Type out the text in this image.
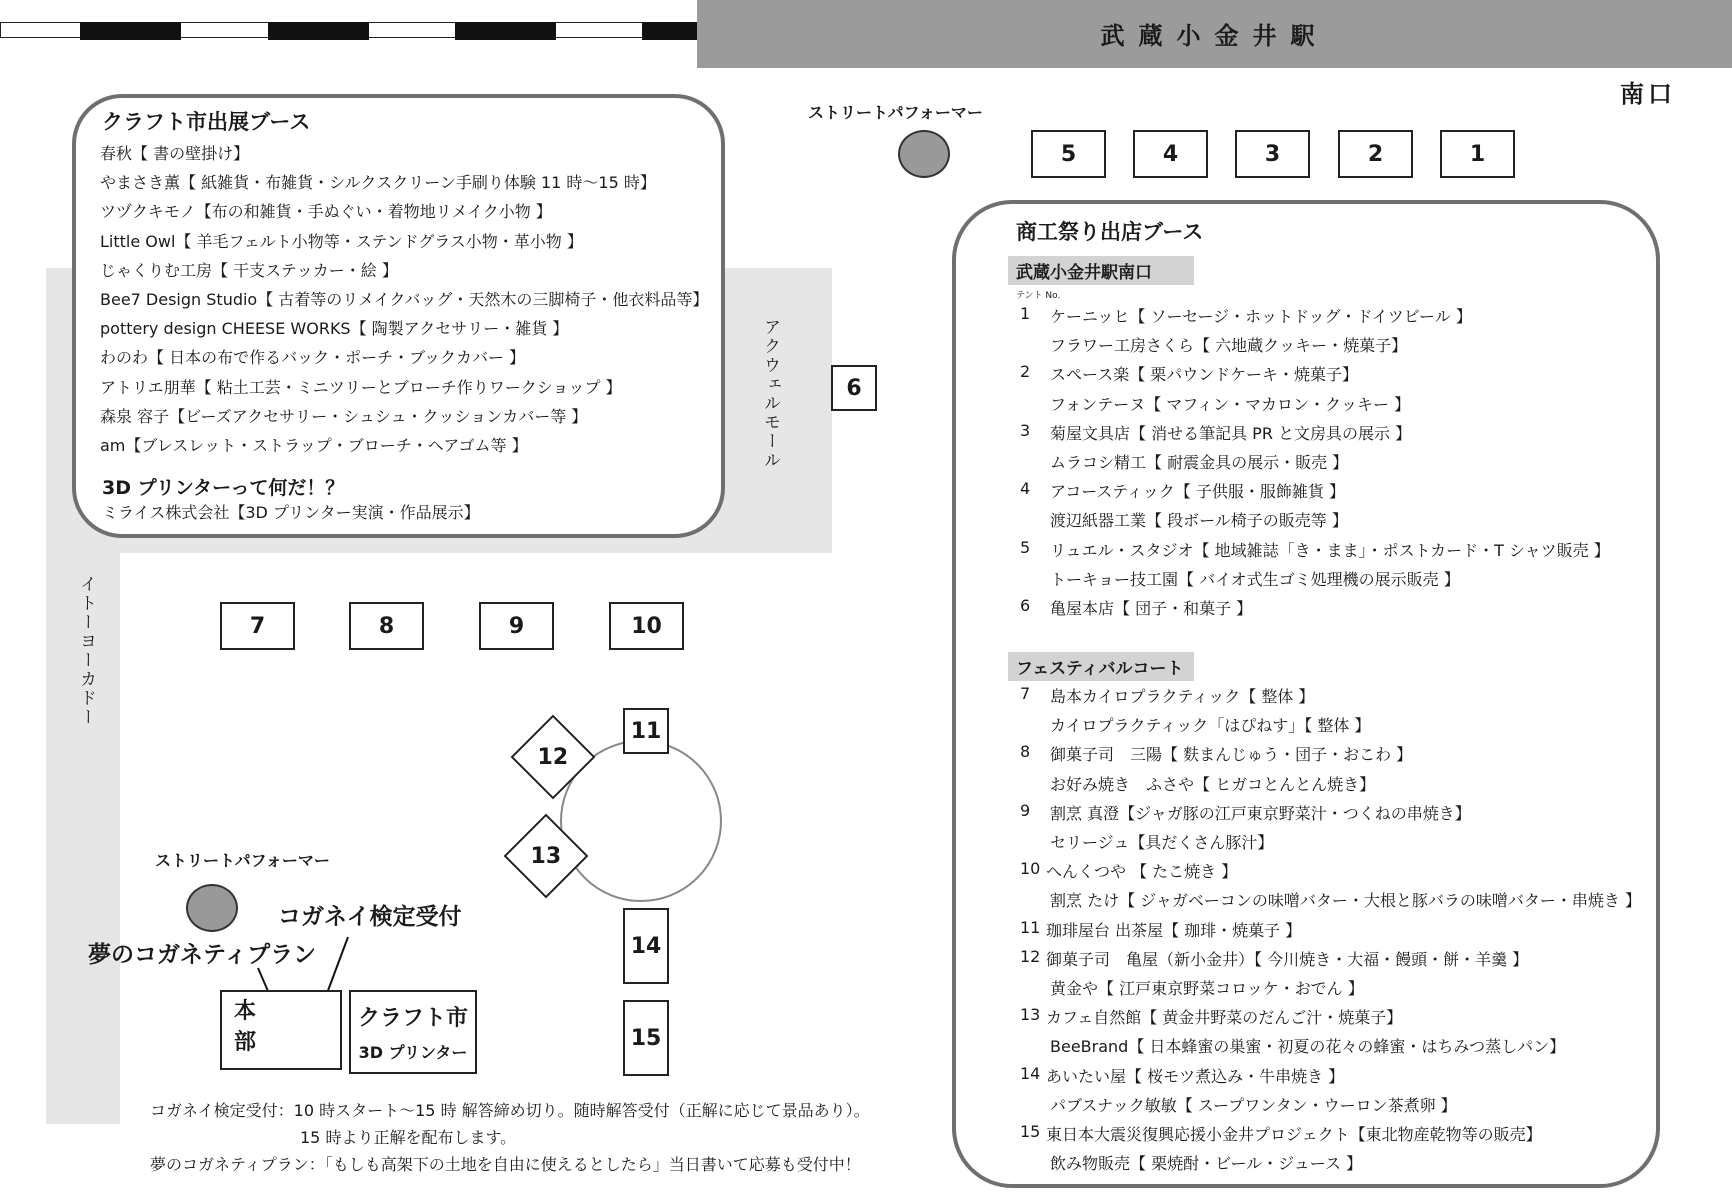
武蔵小金井駅
南口
アクウェルモール
イトーヨーカドー
クラフト市出展ブース
春秋【 書の壁掛け】
やまさき薫【 紙雑貨・布雑貨・シルクスクリーン手刷り体験 11 時～15 時】
ツヅクキモノ【布の和雑貨・手ぬぐい・着物地リメイク小物 】
Little Owl【 羊毛フェルト小物等・ステンドグラス小物・革小物 】
じゃくりむ工房【 干支ステッカー・絵 】
Bee7 Design Studio【 古着等のリメイクバッグ・天然木の三脚椅子・他衣料品等】
pottery design CHEESE WORKS【 陶製アクセサリー・雑貨 】
わのわ【 日本の布で作るバック・ポーチ・ブックカバー 】
アトリエ朋華【 粘土工芸・ミニツリーとブローチ作りワークショップ 】
森泉 容子【ビーズアクセサリー・シュシュ・クッションカバー等 】
am【ブレスレット・ストラップ・ブローチ・ヘアゴム等 】
3D プリンターって何だ！？
ミライス株式会社【3D プリンター実演・作品展示】
ストリートパフォーマー
5	4	3	2	1
6
7	8	9	10
11
12
13
14
15
ストリートパフォーマー
コガネイ検定受付
夢のコガネティプラン
本
部
クラフト市
3D プリンター
コガネイ検定受付：10 時スタート～15 時 解答締め切り。随時解答受付（正解に応じて景品あり）。
15 時より正解を配布します。
夢のコガネティプラン：「もしも高架下の土地を自由に使えるとしたら」当日書いて応募も受付中！
商工祭り出店ブース
武蔵小金井駅南口
テント No.
1 ケーニッヒ【 ソーセージ・ホットドッグ・ドイツビール 】
フラワー工房さくら【 六地蔵クッキー・焼菓子】
2 スペース楽【 栗パウンドケーキ・焼菓子】
フォンテーヌ【 マフィン・マカロン・クッキー 】
3 菊屋文具店【 消せる筆記具 PR と文房具の展示 】
ムラコシ精工【 耐震金具の展示・販売 】
4 アコースティック【 子供服・服飾雑貨 】
渡辺紙器工業【 段ボール椅子の販売等 】
5 リュエル・スタジオ【 地域雑誌「き・まま」・ポストカード・T シャツ販売 】
トーキョー技工園【 バイオ式生ゴミ処理機の展示販売 】
6 亀屋本店【 団子・和菓子 】
フェスティバルコート
7 島本カイロプラクティック【 整体 】
カイロプラクティック「はぴねす」【 整体 】
8 御菓子司　三陽【 麩まんじゅう・団子・おこわ 】
お好み焼き　ふさや【 ヒガコとんとん焼き】
9 割烹 真澄【ジャガ豚の江戸東京野菜汁・つくねの串焼き】
セリージュ【具だくさん豚汁】
10 へんくつや 【 たこ焼き 】
割烹 たけ【 ジャガベーコンの味噌バター・大根と豚バラの味噌バター・串焼き 】
11 珈琲屋台 出茶屋【 珈琲・焼菓子 】
12 御菓子司　亀屋（新小金井）【 今川焼き・大福・饅頭・餅・羊羹 】
黄金や【 江戸東京野菜コロッケ・おでん 】
13 カフェ自然館【 黄金井野菜のだんご汁・焼菓子】
BeeBrand【 日本蜂蜜の巣蜜・初夏の花々の蜂蜜・はちみつ蒸しパン】
14 あいたい屋【 桜モツ煮込み・牛串焼き 】
パブスナック敏敏【 スープワンタン・ウーロン茶煮卵 】
15 東日本大震災復興応援小金井プロジェクト【東北物産乾物等の販売】
飲み物販売【 栗焼酎・ビール・ジュース 】
